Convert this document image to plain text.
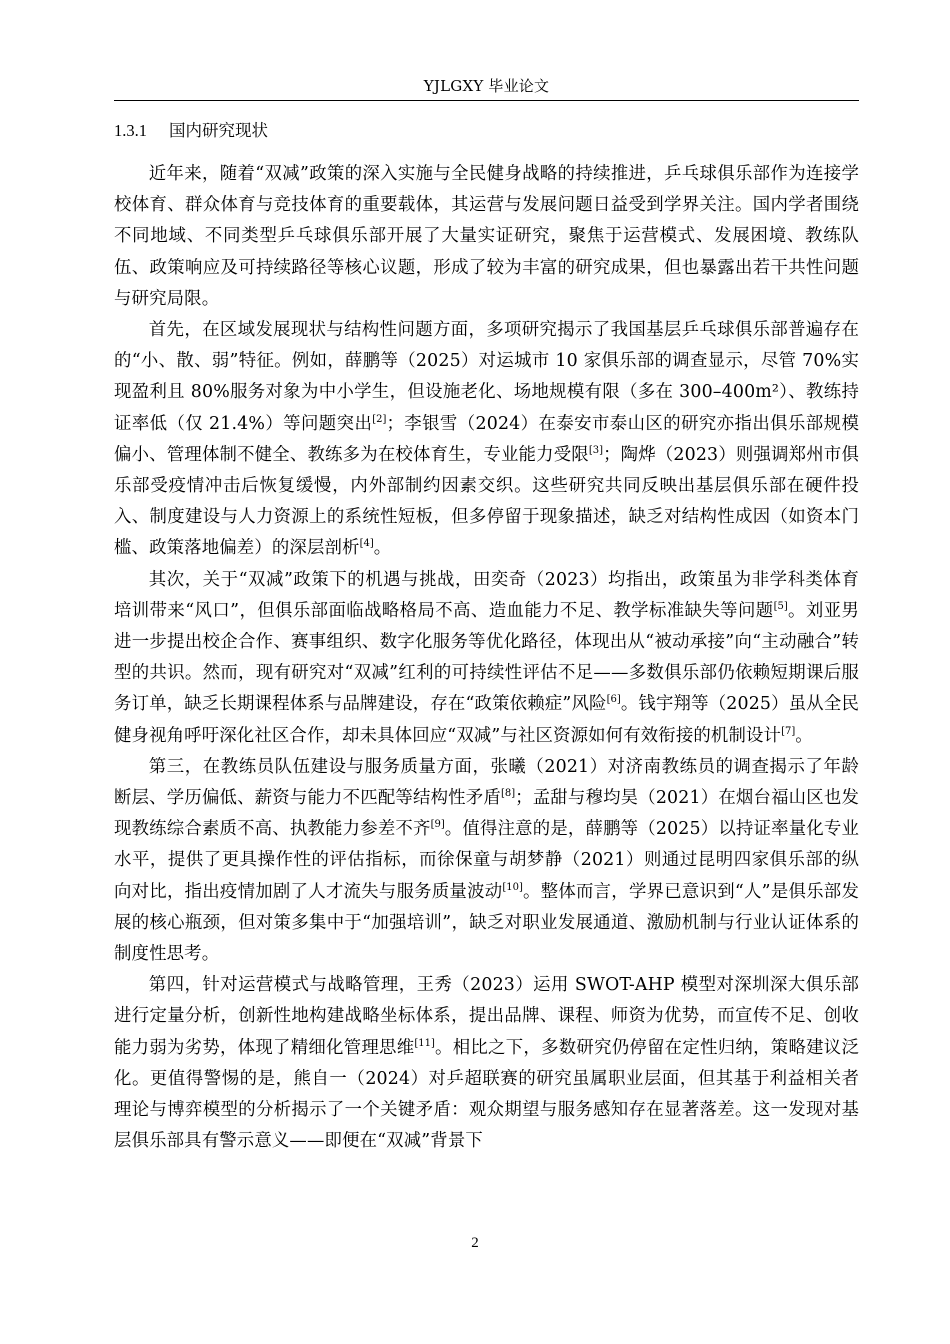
YJLGXY 毕业论文
1.3.1 国内研究现状

近年来，随着“双减”政策的深入实施与全民健身战略的持续推进，乒乓球俱乐部作为连接学校体育、群众体育与竞技体育的重要载体，其运营与发展问题日益受到学界关注。国内学者围绕不同地域、不同类型乒乓球俱乐部开展了大量实证研究，聚焦于运营模式、发展困境、教练队伍、政策响应及可持续路径等核心议题，形成了较为丰富的研究成果，但也暴露出若干共性问题与研究局限。

首先，在区域发展现状与结构性问题方面，多项研究揭示了我国基层乒乓球俱乐部普遍存在的“小、散、弱”特征。例如，薛鹏等（2025）对运城市 10 家俱乐部的调查显示，尽管 70%实现盈利且 80%服务对象为中小学生，但设施老化、场地规模有限（多在 300–400m²）、教练持证率低（仅 21.4%）等问题突出[2]；李银雪（2024）在泰安市泰山区的研究亦指出俱乐部规模偏小、管理体制不健全、教练多为在校体育生，专业能力受限[3]；陶烨（2023）则强调郑州市俱乐部受疫情冲击后恢复缓慢，内外部制约因素交织。这些研究共同反映出基层俱乐部在硬件投入、制度建设与人力资源上的系统性短板，但多停留于现象描述，缺乏对结构性成因（如资本门槛、政策落地偏差）的深层剖析[4]。

其次，关于“双减”政策下的机遇与挑战，田奕奇（2023）均指出，政策虽为非学科类体育培训带来“风口”，但俱乐部面临战略格局不高、造血能力不足、教学标准缺失等问题[5]。刘亚男进一步提出校企合作、赛事组织、数字化服务等优化路径，体现出从“被动承接”向“主动融合”转型的共识。然而，现有研究对“双减”红利的可持续性评估不足——多数俱乐部仍依赖短期课后服务订单，缺乏长期课程体系与品牌建设，存在“政策依赖症”风险[6]。钱宇翔等（2025）虽从全民健身视角呼吁深化社区合作，却未具体回应“双减”与社区资源如何有效衔接的机制设计[7]。

第三，在教练员队伍建设与服务质量方面，张曦（2021）对济南教练员的调查揭示了年龄断层、学历偏低、薪资与能力不匹配等结构性矛盾[8]；孟甜与穆均昊（2021）在烟台福山区也发现教练综合素质不高、执教能力参差不齐[9]。值得注意的是，薛鹏等（2025）以持证率量化专业水平，提供了更具操作性的评估指标，而徐保童与胡梦静（2021）则通过昆明四家俱乐部的纵向对比，指出疫情加剧了人才流失与服务质量波动[10]。整体而言，学界已意识到“人”是俱乐部发展的核心瓶颈，但对策多集中于“加强培训”，缺乏对职业发展通道、激励机制与行业认证体系的制度性思考。

第四，针对运营模式与战略管理，王秀（2023）运用 SWOT-AHP 模型对深圳深大俱乐部进行定量分析，创新性地构建战略坐标体系，提出品牌、课程、师资为优势，而宣传不足、创收能力弱为劣势，体现了精细化管理思维[11]。相比之下，多数研究仍停留在定性归纳，策略建议泛化。更值得警惕的是，熊自一（2024）对乒超联赛的研究虽属职业层面，但其基于利益相关者理论与博弈模型的分析揭示了一个关键矛盾：观众期望与服务感知存在显著落差。这一发现对基层俱乐部具有警示意义——即便在“双减”背景下

2
